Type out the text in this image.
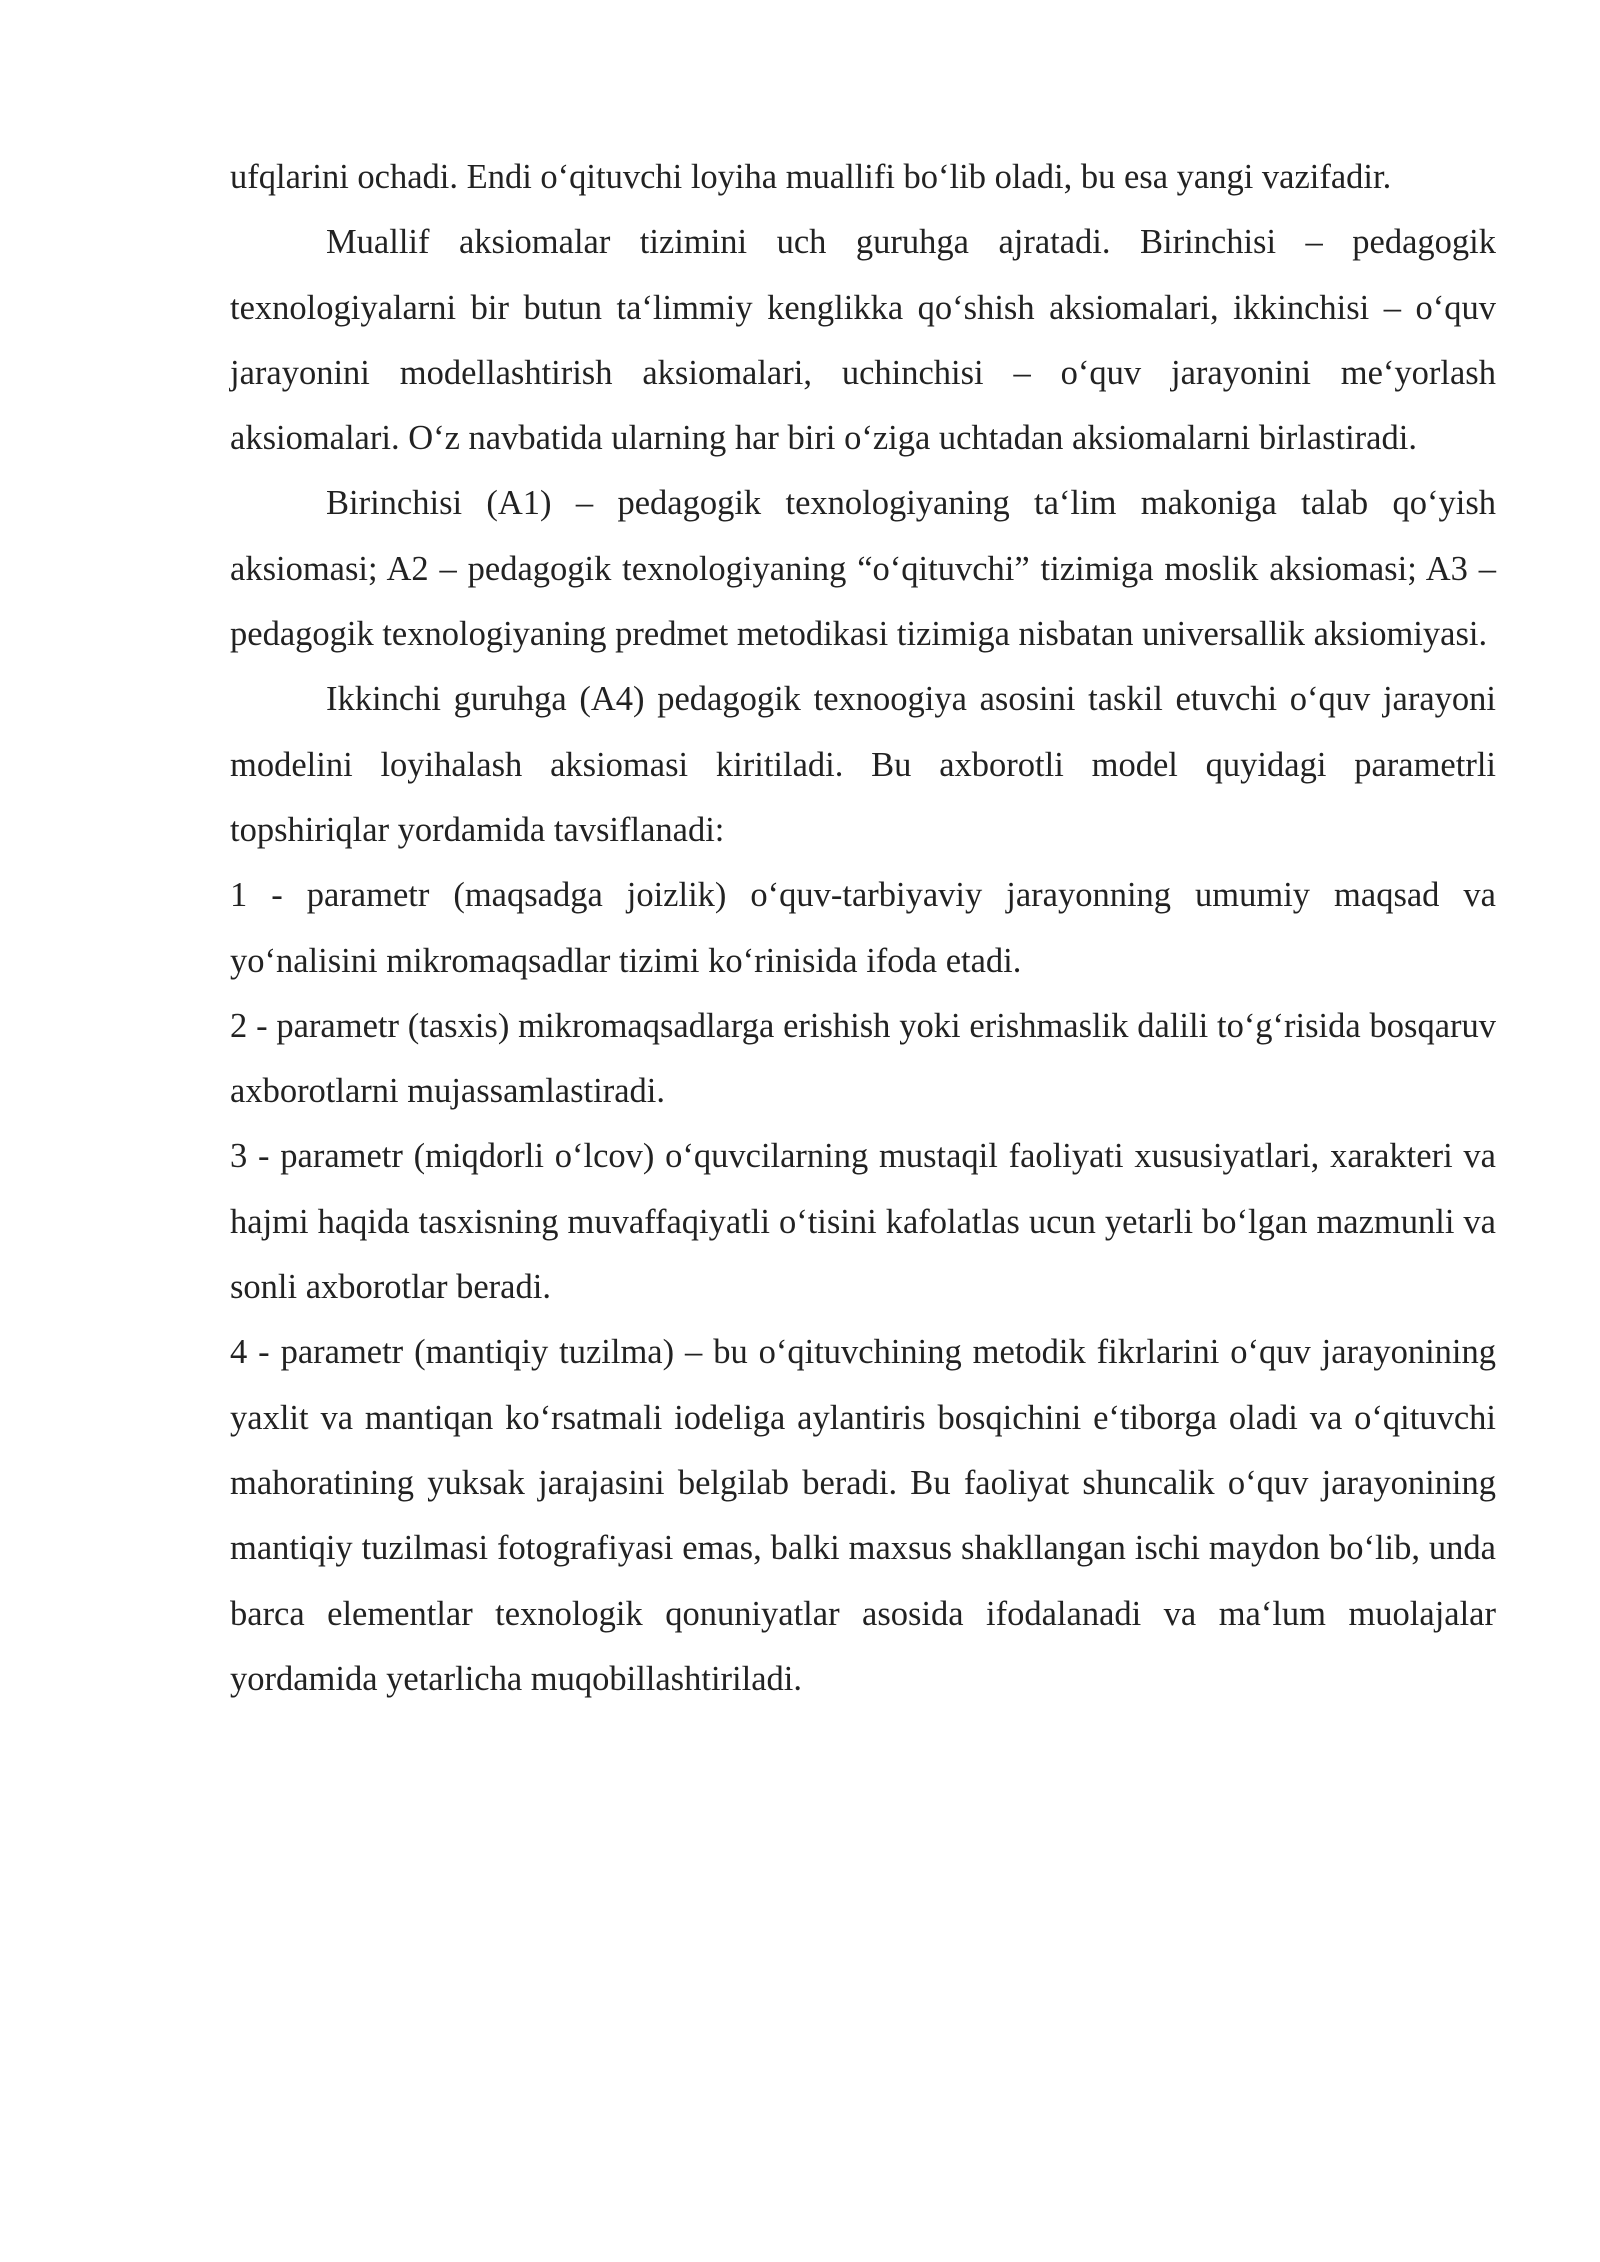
ufqlarini ochadi. Endi o‘qituvchi loyiha muallifi bo‘lib oladi, bu esa yangi vazifadir.

Muallif aksiomalar tizimini uch guruhga ajratadi. Birinchisi – pedagogik texnologiyalarni bir butun ta‘limmiy kenglikka qo‘shish aksiomalari, ikkinchisi – o‘quv jarayonini modellashtirish aksiomalari, uchinchisi – o‘quv jarayonini me‘yorlash aksiomalari. O‘z navbatida ularning har biri o‘ziga uchtadan aksiomalarni birlastiradi.

Birinchisi (A1) – pedagogik texnologiyaning ta‘lim makoniga talab qo‘yish aksiomasi; A2 – pedagogik texnologiyaning “o‘qituvchi” tizimiga moslik aksiomasi; A3 – pedagogik texnologiyaning predmet metodikasi tizimiga nisbatan universallik aksiomiyasi.

Ikkinchi guruhga (A4) pedagogik texnoogiya asosini taskil etuvchi o‘quv jarayoni modelini loyihalash aksiomasi kiritiladi. Bu axborotli model quyidagi parametrli topshiriqlar yordamida tavsiflanadi:

1 - parametr (maqsadga joizlik) o‘quv-tarbiyaviy jarayonning umumiy maqsad va yo‘nalisini mikromaqsadlar tizimi ko‘rinisida ifoda etadi.

2 - parametr (tasxis) mikromaqsadlarga erishish yoki erishmaslik dalili to‘g‘risida bosqaruv axborotlarni mujassamlastiradi.

3 - parametr (miqdorli o‘lcov) o‘quvcilarning mustaqil faoliyati xususiyatlari, xarakteri va hajmi haqida tasxisning muvaffaqiyatli o‘tisini kafolatlas ucun yetarli bo‘lgan mazmunli va sonli axborotlar beradi.

4 - parametr (mantiqiy tuzilma) – bu o‘qituvchining metodik fikrlarini o‘quv jarayonining yaxlit va mantiqan ko‘rsatmali iodeliga aylantiris bosqichini e‘tiborga oladi va o‘qituvchi mahoratining yuksak jarajasini belgilab beradi. Bu faoliyat shuncalik o‘quv jarayonining mantiqiy tuzilmasi fotografiyasi emas, balki maxsus shakllangan ischi maydon bo‘lib, unda barca elementlar texnologik qonuniyatlar asosida ifodalanadi va ma‘lum muolajalar yordamida yetarlicha muqobillashtiriladi.
